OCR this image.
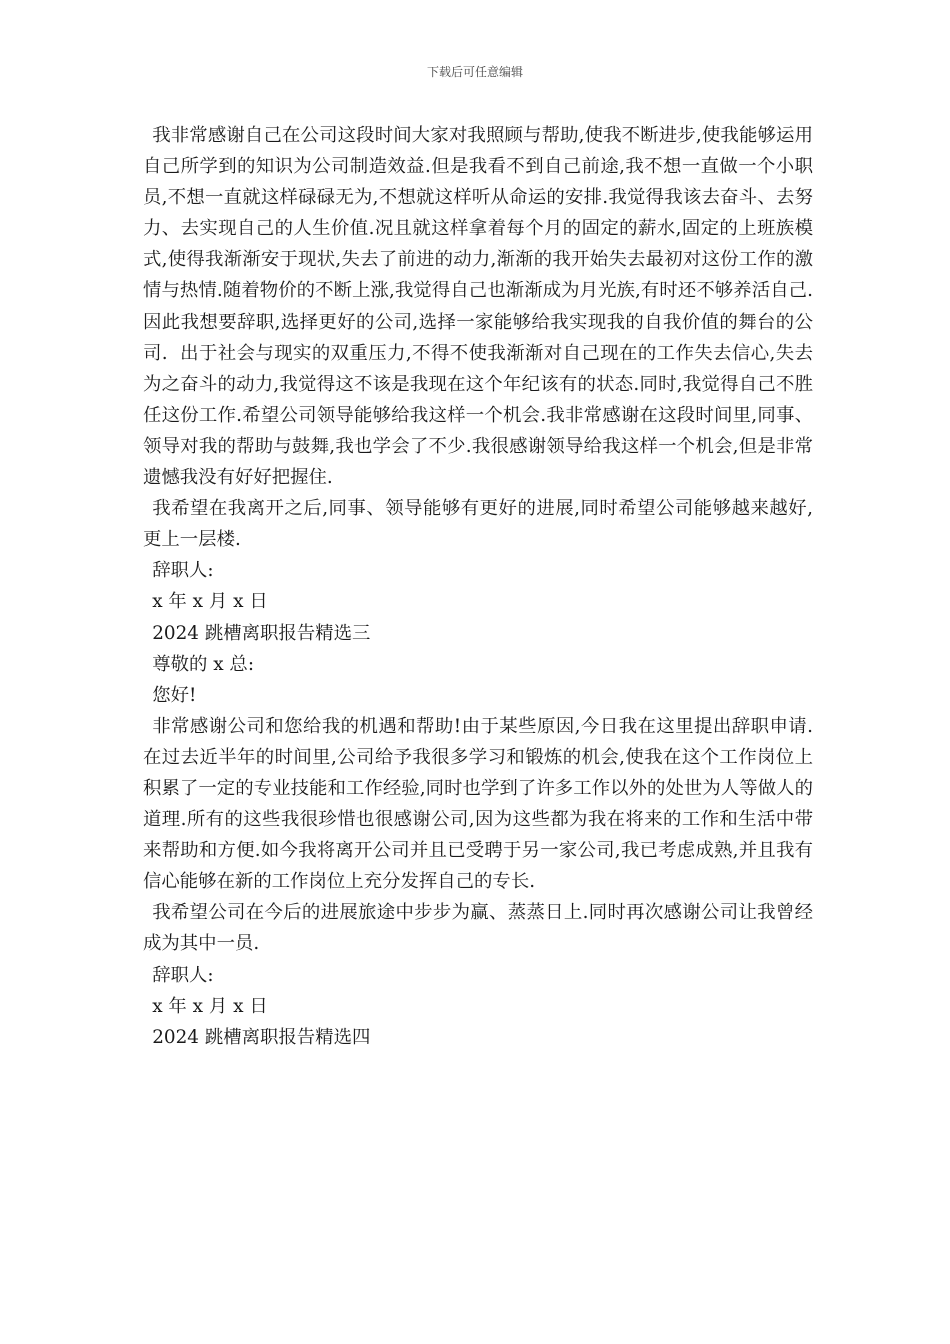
下载后可任意编辑

我非常感谢自己在公司这段时间大家对我照顾与帮助,使我不断进步,使我能够运用自己所学到的知识为公司制造效益.但是我看不到自己前途,我不想一直做一个小职员,不想一直就这样碌碌无为,不想就这样听从命运的安排.我觉得我该去奋斗、去努力、去实现自己的人生价值.况且就这样拿着每个月的固定的薪水,固定的上班族模式,使得我渐渐安于现状,失去了前进的动力,渐渐的我开始失去最初对这份工作的激情与热情.随着物价的不断上涨,我觉得自己也渐渐成为月光族,有时还不够养活自己.因此我想要辞职,选择更好的公司,选择一家能够给我实现我的自我价值的舞台的公司.  出于社会与现实的双重压力,不得不使我渐渐对自己现在的工作失去信心,失去为之奋斗的动力,我觉得这不该是我现在这个年纪该有的状态.同时,我觉得自己不胜任这份工作.希望公司领导能够给我这样一个机会.我非常感谢在这段时间里,同事、领导对我的帮助与鼓舞,我也学会了不少.我很感谢领导给我这样一个机会,但是非常遗憾我没有好好把握住.

我希望在我离开之后,同事、领导能够有更好的进展,同时希望公司能够越来越好,更上一层楼.

辞职人:

x 年 x 月 x 日

2024 跳槽离职报告精选三

尊敬的 x 总:

您好!

非常感谢公司和您给我的机遇和帮助!由于某些原因,今日我在这里提出辞职申请.  在过去近半年的时间里,公司给予我很多学习和锻炼的机会,使我在这个工作岗位上积累了一定的专业技能和工作经验,同时也学到了许多工作以外的处世为人等做人的道理.所有的这些我很珍惜也很感谢公司,因为这些都为我在将来的工作和生活中带来帮助和方便.如今我将离开公司并且已受聘于另一家公司,我已考虑成熟,并且我有信心能够在新的工作岗位上充分发挥自己的专长.

我希望公司在今后的进展旅途中步步为赢、蒸蒸日上.同时再次感谢公司让我曾经成为其中一员.

辞职人:

x 年 x 月 x 日

2024 跳槽离职报告精选四
